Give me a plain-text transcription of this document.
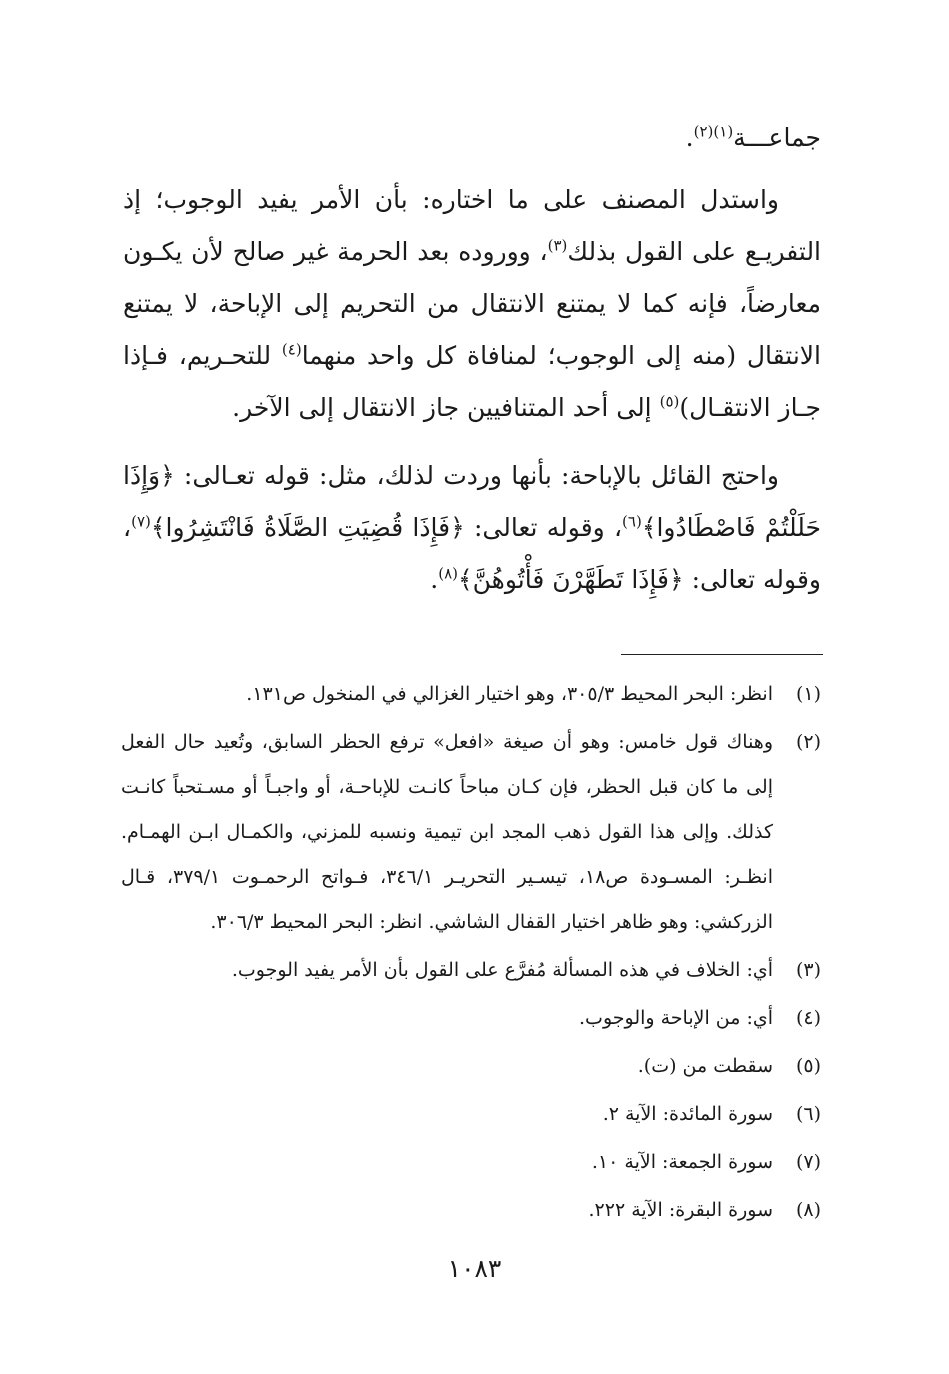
جماعـــة$^{(١)(٢)}$.

واستدل المصنف على ما اختاره: بأن الأمر يفيد الوجوب؛ إذ التفريـع على القول بذلك$^{(٣)}$، وورود​ه بعد الحرمة غير صالح لأن يكـون معارضاً، فإنه كما لا يمتنع الانتقال من التحريم إلى الإباحة، لا يمتنع الانتقال (منه إلى الوجوب؛ لمنافاة كل واحد منهما$^{(٤)}$ للتحـريم، فـإذا جـاز الانتقـال)$^{(٥)}$ إلى أحد المتنافيين جاز الانتقال إلى الآخر.

واحتج القائل بالإباحة: بأنها وردت لذلك، مثل: قوله تعـالى: ﴿وَإِذَا حَلَلْتُمْ فَاصْطَادُوا﴾$^{(٦)}$، وقوله تعالى: ﴿فَإِذَا قُضِيَتِ الصَّلَاةُ فَانْتَشِرُوا﴾$^{(٧)}$، وقوله تعالى: ﴿فَإِذَا تَطَهَّرْنَ فَأْتُوهُنَّ﴾$^{(٨)}$.

(١)
انظر: البحر المحيط ٣٠٥/٣، وهو اختيار الغزالي في المنخول ص١٣١.
(٢)
وهناك قول خامس: وهو أن صيغة «افعل» ترفع الحظر السابق، وتُعيد حال الفعل إلى ما كان قبل الحظر، فإن كـان مباحاً كانـت للإباحـة، أو واجبـاً أو مسـتحباً كانـت كذلك. وإلى هذا القول ذهب المجد ابن تيمية ونسبه للمزني، والكمـال ابـن الهمـام. انظـر: المسـودة ص١٨، تيسـير التحريـر ٣٤٦/١، فـواتح الرحمـوت ٣٧٩/١، قـال الزركشي: وهو ظاهر اختيار القفال الشاشي. انظر: البحر المحيط ٣٠٦/٣.
(٣)
أي: الخلاف في هذه المسألة مُفرَّع على القول بأن الأمر يفيد الوجوب.
(٤)
أي: من الإباحة والوجوب.
(٥)
سقطت من (ت).
(٦)
سورة المائدة: الآية ٢.
(٧)
سورة الجمعة: الآية ١٠.
(٨)
سورة البقرة: الآية ٢٢٢.
١٠٨٣
